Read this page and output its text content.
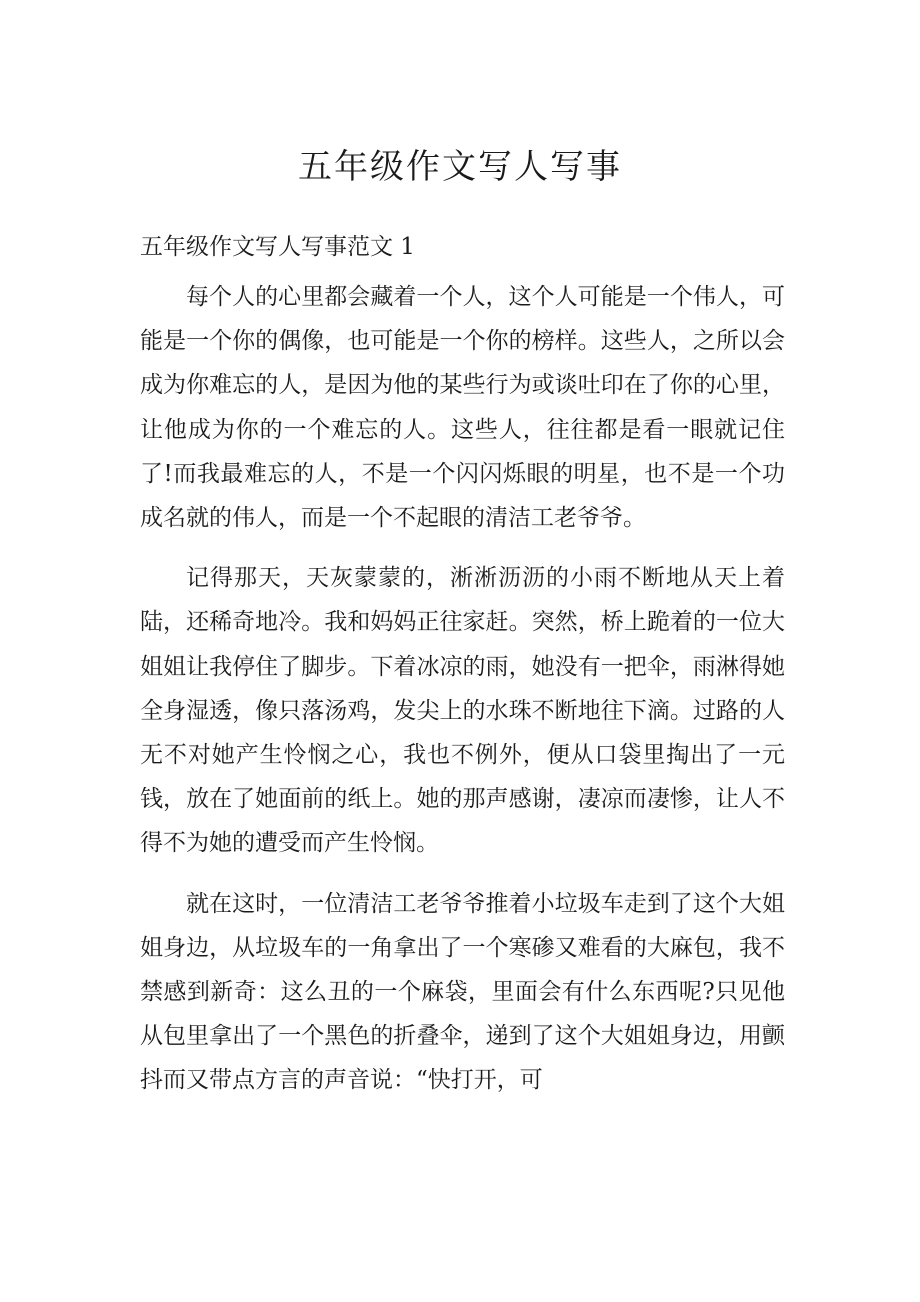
五年级作文写人写事
五年级作文写人写事范文 1

每个人的心里都会藏着一个人，这个人可能是一个伟人，可能是一个你的偶像，也可能是一个你的榜样。这些人，之所以会成为你难忘的人，是因为他的某些行为或谈吐印在了你的心里，让他成为你的一个难忘的人。这些人，往往都是看一眼就记住了!而我最难忘的人，不是一个闪闪烁眼的明星，也不是一个功成名就的伟人，而是一个不起眼的清洁工老爷爷。

记得那天，天灰蒙蒙的，淅淅沥沥的小雨不断地从天上着陆，还稀奇地冷。我和妈妈正往家赶。突然，桥上跪着的一位大姐姐让我停住了脚步。下着冰凉的雨，她没有一把伞，雨淋得她全身湿透，像只落汤鸡，发尖上的水珠不断地往下滴。过路的人无不对她产生怜悯之心，我也不例外，便从口袋里掏出了一元钱，放在了她面前的纸上。她的那声感谢，凄凉而凄惨，让人不得不为她的遭受而产生怜悯。

就在这时，一位清洁工老爷爷推着小垃圾车走到了这个大姐姐身边，从垃圾车的一角拿出了一个寒碜又难看的大麻包，我不禁感到新奇：这么丑的一个麻袋，里面会有什么东西呢?只见他从包里拿出了一个黑色的折叠伞，递到了这个大姐姐身边，用颤抖而又带点方言的声音说：“快打开，可
